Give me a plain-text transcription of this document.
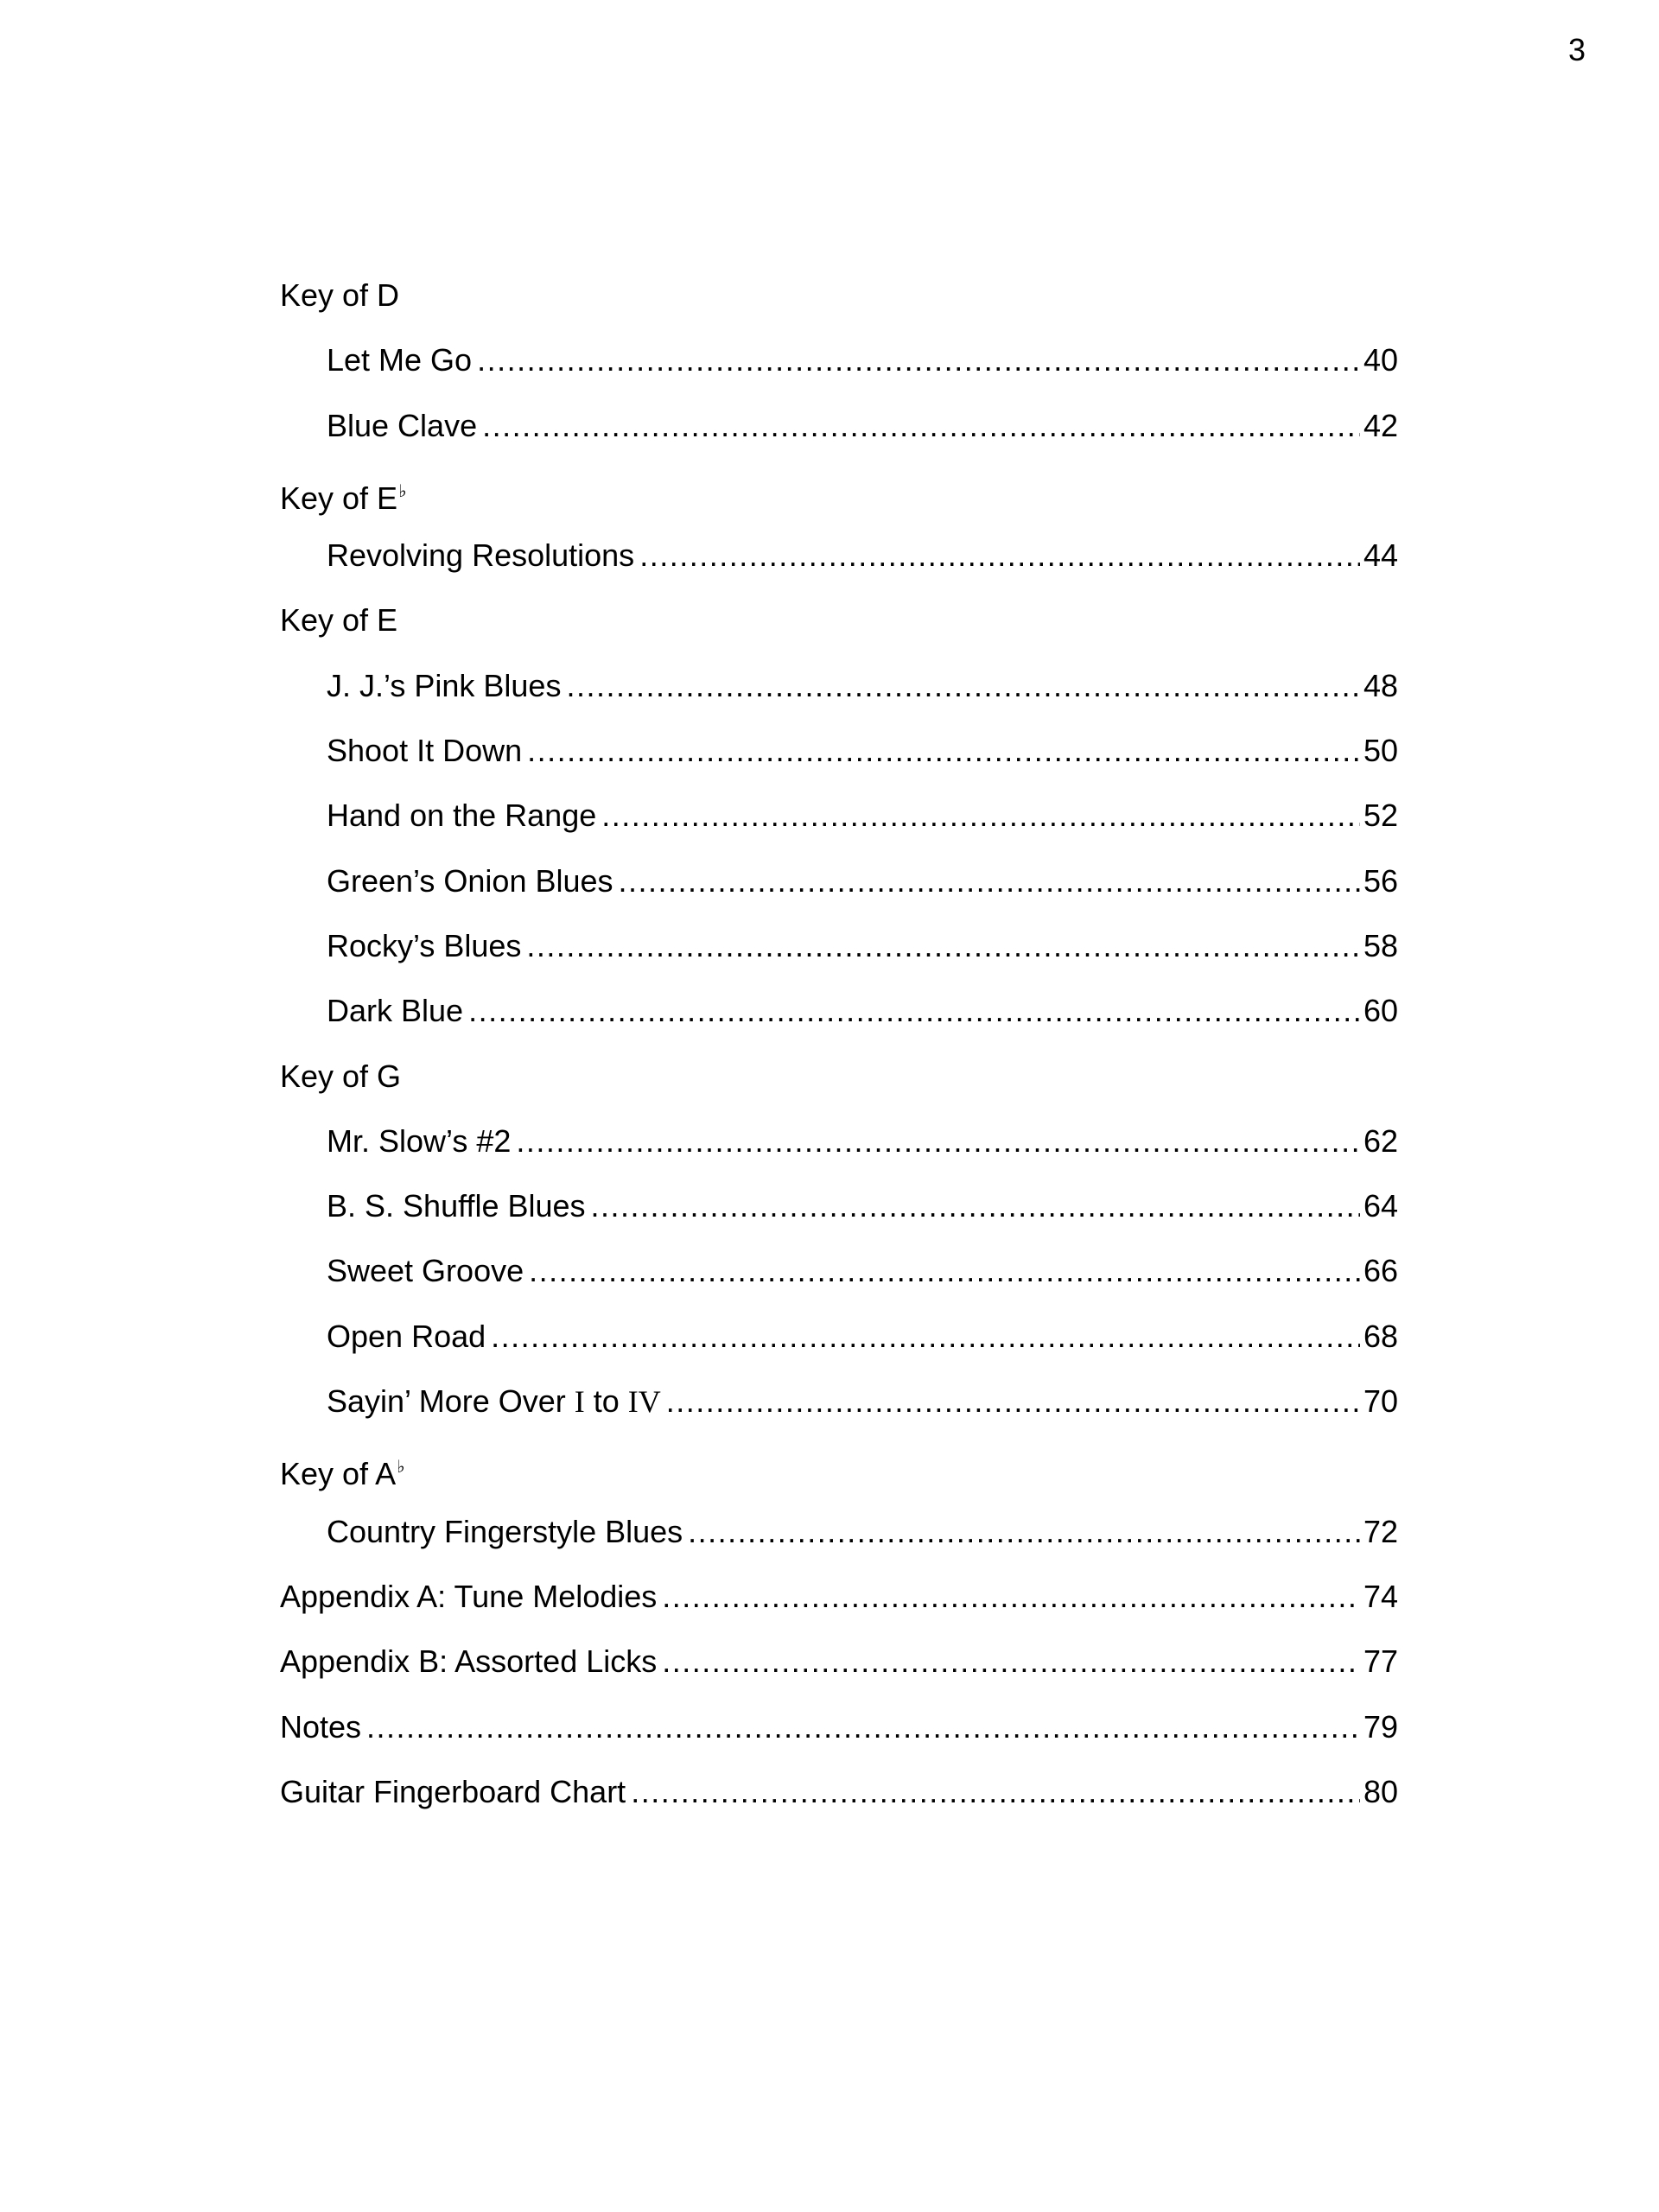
3
Key of D
Let Me Go .....	40
Blue Clave .....	42
Key of E♭
Revolving Resolutions .....	44
Key of E
J. J.’s Pink Blues .....	48
Shoot It Down .....	50
Hand on the Range .....	52
Green’s Onion Blues .....	56
Rocky’s Blues .....	58
Dark Blue .....	60
Key of G
Mr. Slow’s #2 .....	62
B. S. Shuffle Blues .....	64
Sweet Groove .....	66
Open Road .....	68
Sayin’ More Over I to IV .....	70
Key of A♭
Country Fingerstyle Blues .....	72
Appendix A: Tune Melodies .....	74
Appendix B: Assorted Licks .....	77
Notes .....	79
Guitar Fingerboard Chart .....	80
